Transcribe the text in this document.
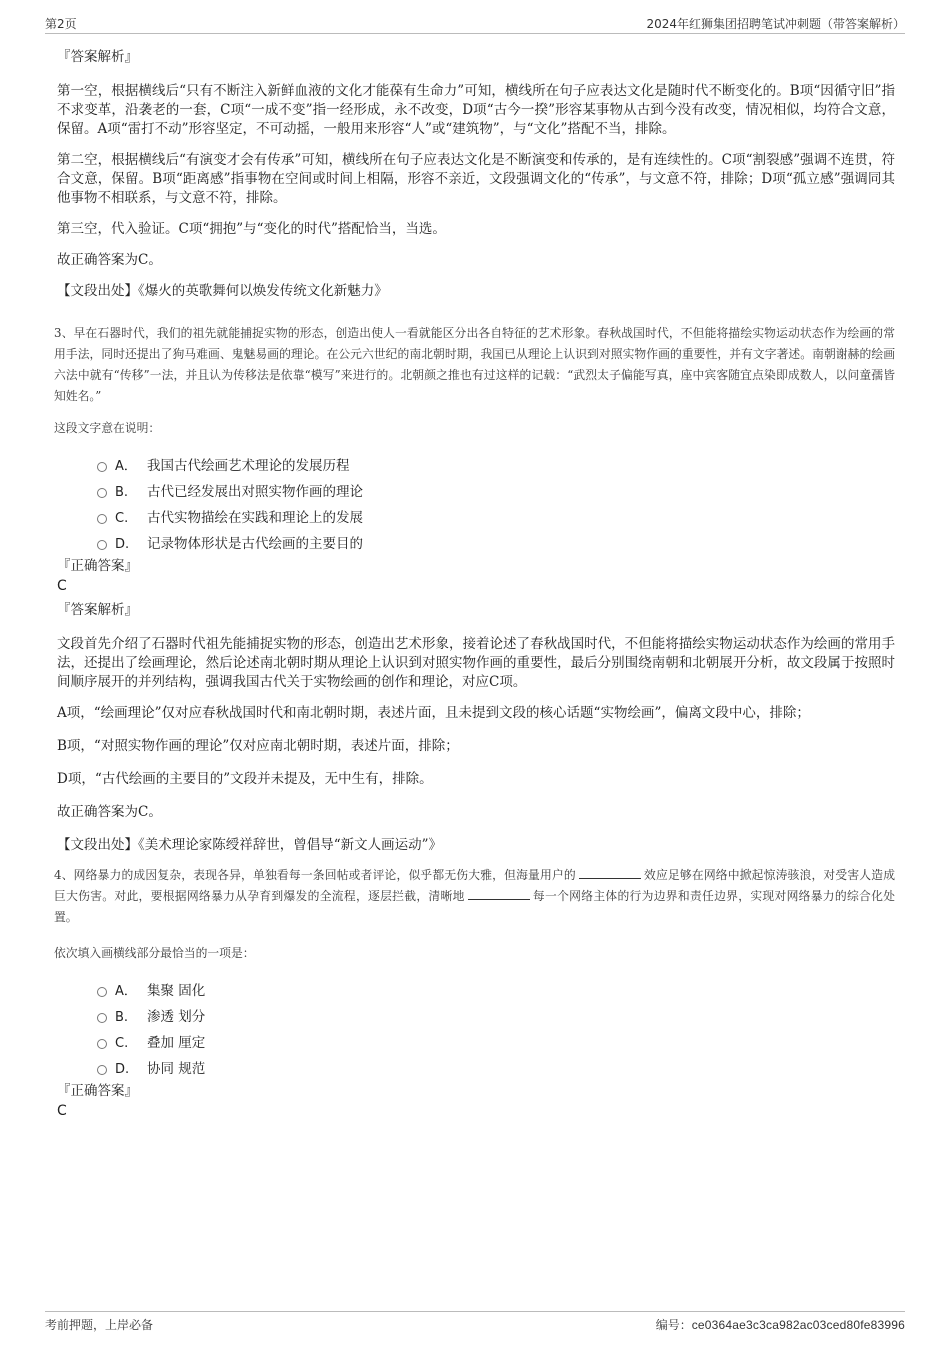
第2页	2024年红狮集团招聘笔试冲刺题（带答案解析）
『答案解析』

第一空，根据横线后“只有不断注入新鲜血液的文化才能葆有生命力”可知，横线所在句子应表达文化是随时代不断变化的。B项“因循守旧”指不求变革，沿袭老的一套，C项“一成不变”指一经形成，永不改变，D项“古今一揆”形容某事物从古到今没有改变，情况相似，均符合文意，保留。A项“雷打不动”形容坚定，不可动摇，一般用来形容“人”或“建筑物”，与“文化”搭配不当，排除。

第二空，根据横线后“有演变才会有传承”可知，横线所在句子应表达文化是不断演变和传承的，是有连续性的。C项“割裂感”强调不连贯，符合文意，保留。B项“距离感”指事物在空间或时间上相隔，形容不亲近，文段强调文化的“传承”，与文意不符，排除；D项“孤立感”强调同其他事物不相联系，与文意不符，排除。

第三空，代入验证。C项“拥抱”与“变化的时代”搭配恰当，当选。

故正确答案为C。

【文段出处】《爆火的英歌舞何以焕发传统文化新魅力》

3、早在石器时代，我们的祖先就能捕捉实物的形态，创造出使人一看就能区分出各自特征的艺术形象。春秋战国时代，不但能将描绘实物运动状态作为绘画的常用手法，同时还提出了狗马难画、鬼魅易画的理论。在公元六世纪的南北朝时期，我国已从理论上认识到对照实物作画的重要性，并有文字著述。南朝谢赫的绘画六法中就有“传移”一法，并且认为传移法是依靠“模写”来进行的。北朝颜之推也有过这样的记载：“武烈太子偏能写真，座中宾客随宜点染即成数人，以问童孺皆知姓名。”

这段文字意在说明：

A． 我国古代绘画艺术理论的发展历程
B. 古代已经发展出对照实物作画的理论
C. 古代实物描绘在实践和理论上的发展
D. 记录物体形状是古代绘画的主要目的
『正确答案』

C

『答案解析』

文段首先介绍了石器时代祖先能捕捉实物的形态，创造出艺术形象，接着论述了春秋战国时代，不但能将描绘实物运动状态作为绘画的常用手法，还提出了绘画理论，然后论述南北朝时期从理论上认识到对照实物作画的重要性，最后分别围绕南朝和北朝展开分析，故文段属于按照时间顺序展开的并列结构，强调我国古代关于实物绘画的创作和理论，对应C项。

A项，“绘画理论”仅对应春秋战国时代和南北朝时期，表述片面，且未提到文段的核心话题“实物绘画”，偏离文段中心，排除；

B项，“对照实物作画的理论”仅对应南北朝时期，表述片面，排除；

D项，“古代绘画的主要目的”文段并未提及，无中生有，排除。

故正确答案为C。

【文段出处】《美术理论家陈绶祥辞世，曾倡导“新文人画运动”》

4、网络暴力的成因复杂，表现各异，单独看每一条回帖或者评论，似乎都无伤大雅，但海量用户的	效应足够在网络中掀起惊涛骇浪，对受害人造成巨大伤害。对此，要根据网络暴力从孕育到爆发的全流程，逐层拦截，清晰地	每一个网络主体的行为边界和责任边界，实现对网络暴力的综合化处置。

依次填入画横线部分最恰当的一项是：

A． 集聚 固化
B. 渗透 划分
C. 叠加 厘定
D. 协同 规范
『正确答案』

C

考前押题，上岸必备	编号：ce0364ae3c3ca982ac03ced80fe83996
